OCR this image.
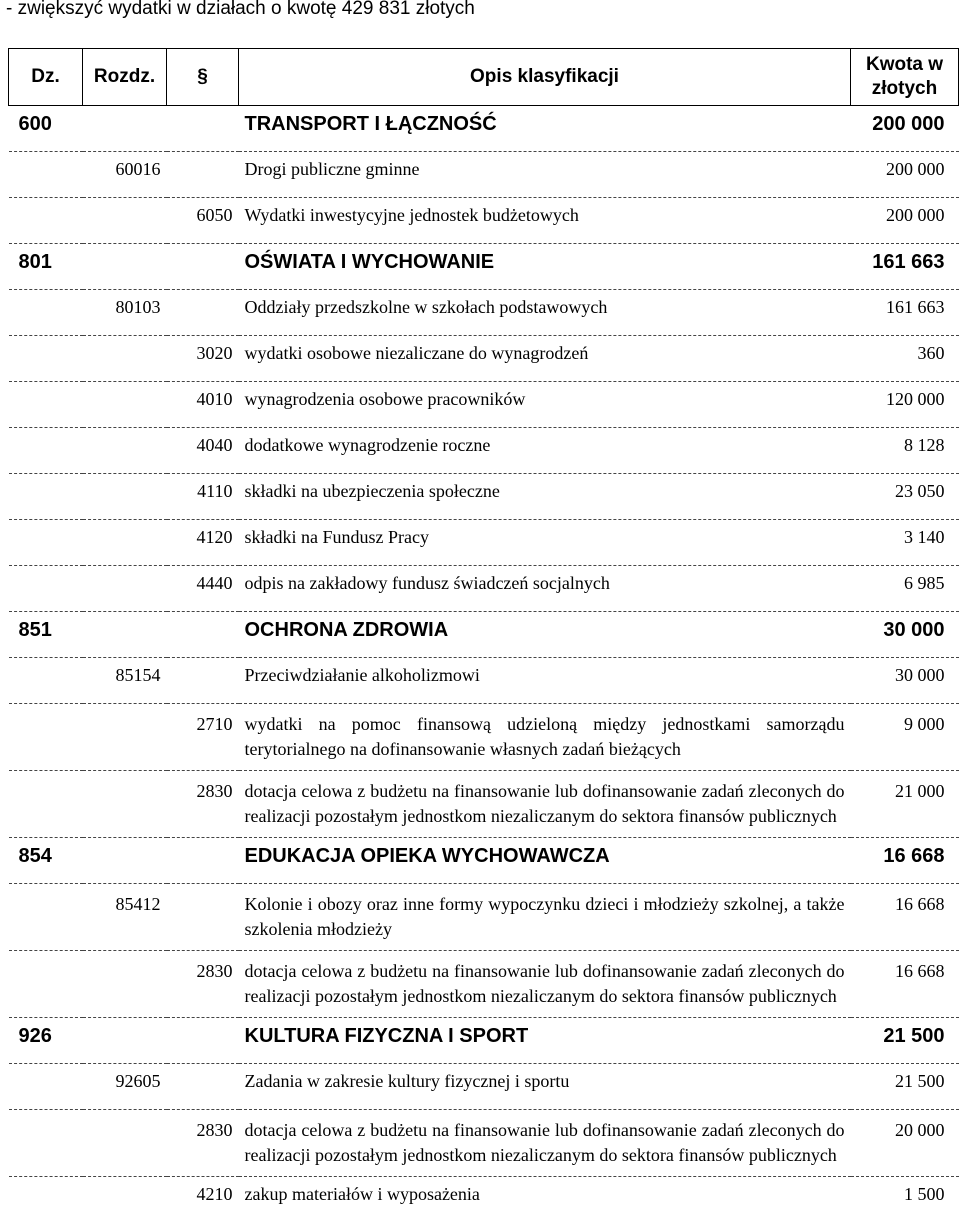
- zwiększyć wydatki w działach o kwotę 429 831 złotych
Dz.	Rozdz.	§	Opis klasyfikacji	Kwota w
złotych
600			TRANSPORT I ŁĄCZNOŚĆ	200 000
	60016		Drogi publiczne gminne	200 000
		6050	Wydatki inwestycyjne jednostek budżetowych	200 000
801			OŚWIATA I WYCHOWANIE	161 663
	80103		Oddziały przedszkolne w szkołach podstawowych	161 663
		3020	wydatki osobowe niezaliczane do wynagrodzeń	360
		4010	wynagrodzenia osobowe pracowników	120 000
		4040	dodatkowe wynagrodzenie roczne	8 128
		4110	składki na ubezpieczenia społeczne	23 050
		4120	składki na Fundusz Pracy	3 140
		4440	odpis na zakładowy fundusz świadczeń socjalnych	6 985
851			OCHRONA ZDROWIA	30 000
	85154		Przeciwdziałanie alkoholizmowi	30 000
		2710	wydatki na pomoc finansową udzieloną między jednostkami samorządu terytorialnego na dofinansowanie własnych zadań bieżących	9 000
		2830	dotacja celowa z budżetu na finansowanie lub dofinansowanie zadań zleconych do realizacji pozostałym jednostkom niezaliczanym do sektora finansów publicznych	21 000
854			EDUKACJA OPIEKA WYCHOWAWCZA	16 668
	85412		Kolonie i obozy oraz inne formy wypoczynku dzieci i młodzieży szkolnej, a także szkolenia młodzieży	16 668
		2830	dotacja celowa z budżetu na finansowanie lub dofinansowanie zadań zleconych do realizacji pozostałym jednostkom niezaliczanym do sektora finansów publicznych	16 668
926			KULTURA FIZYCZNA I SPORT	21 500
	92605		Zadania w zakresie kultury fizycznej i sportu	21 500
		2830	dotacja celowa z budżetu na finansowanie lub dofinansowanie zadań zleconych do realizacji pozostałym jednostkom niezaliczanym do sektora finansów publicznych	20 000
		4210	zakup materiałów i wyposażenia	1 500
